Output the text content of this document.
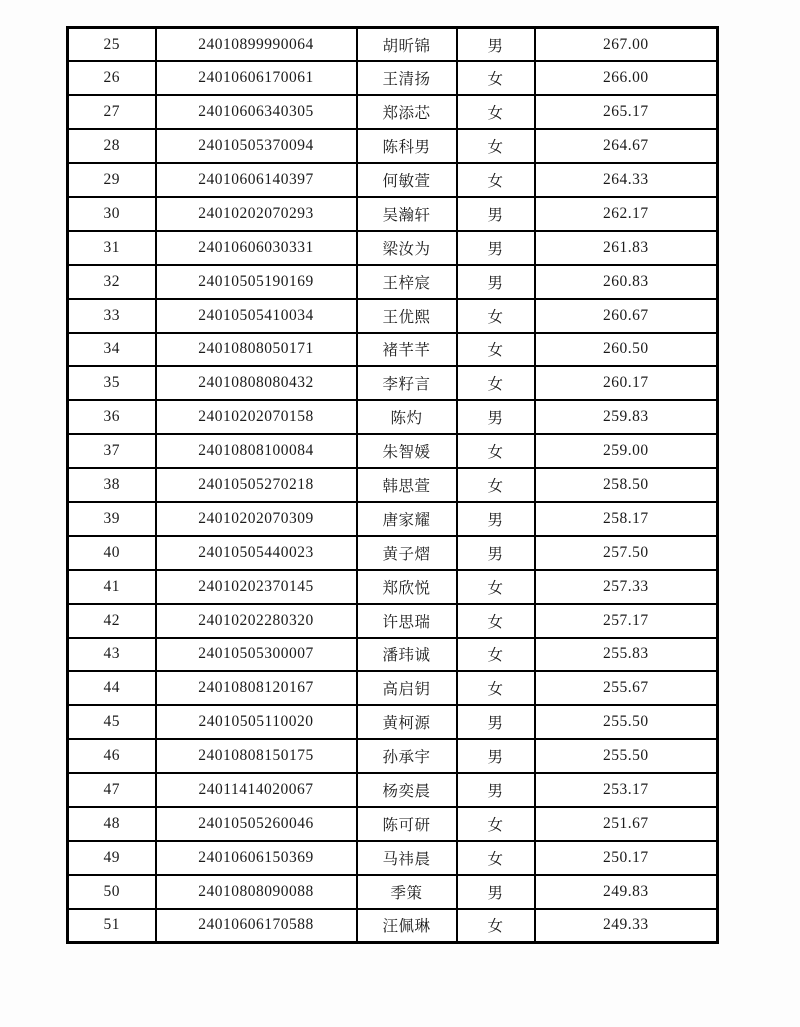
25	24010899990064	胡昕锦	男	267.00
26	24010606170061	王清扬	女	266.00
27	24010606340305	郑添芯	女	265.17
28	24010505370094	陈科男	女	264.67
29	24010606140397	何敏萱	女	264.33
30	24010202070293	吴瀚轩	男	262.17
31	24010606030331	梁汝为	男	261.83
32	24010505190169	王梓宸	男	260.83
33	24010505410034	王优熙	女	260.67
34	24010808050171	褚芊芊	女	260.50
35	24010808080432	李籽言	女	260.17
36	24010202070158	陈灼	男	259.83
37	24010808100084	朱智媛	女	259.00
38	24010505270218	韩思萱	女	258.50
39	24010202070309	唐家耀	男	258.17
40	24010505440023	黄子熠	男	257.50
41	24010202370145	郑欣悦	女	257.33
42	24010202280320	许思瑞	女	257.17
43	24010505300007	潘玮诚	女	255.83
44	24010808120167	高启钥	女	255.67
45	24010505110020	黄柯源	男	255.50
46	24010808150175	孙承宇	男	255.50
47	24011414020067	杨奕晨	男	253.17
48	24010505260046	陈可研	女	251.67
49	24010606150369	马祎晨	女	250.17
50	24010808090088	季策	男	249.83
51	24010606170588	汪佩琳	女	249.33
